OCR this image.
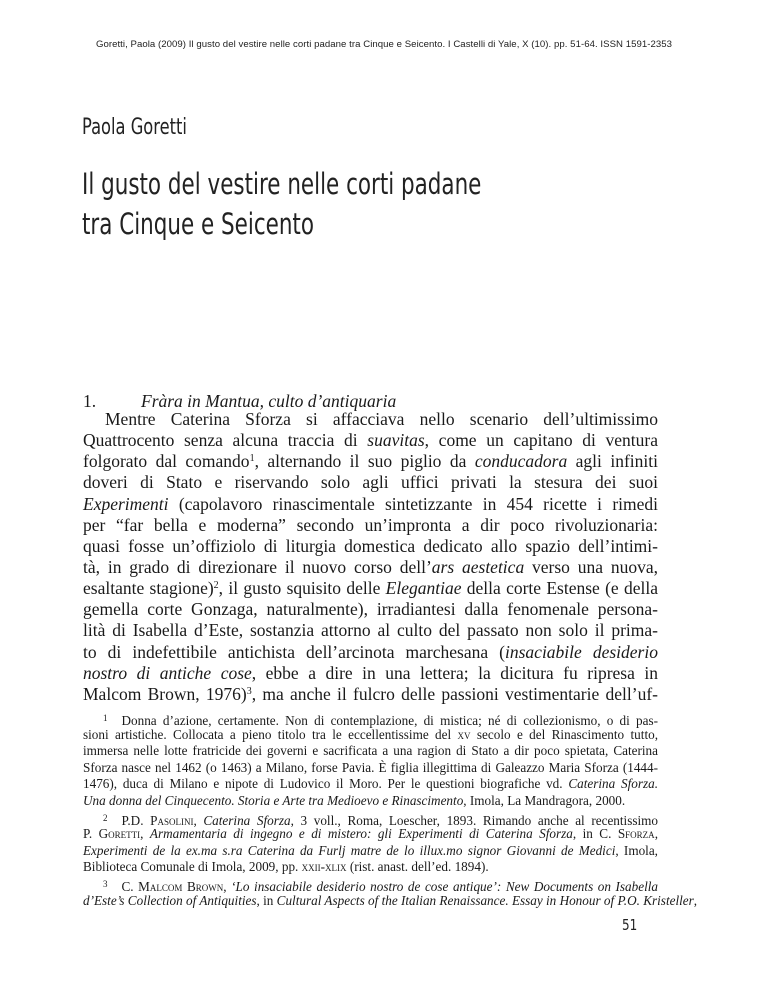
Goretti, Paola (2009) Il gusto del vestire nelle corti padane tra Cinque e Seicento. I Castelli di Yale, X (10). pp. 51-64. ISSN 1591-2353
Paola Goretti
Il gusto del vestire nelle corti padane
tra Cinque e Seicento
1.	Fràra in Mantua, culto d’antiquaria
Mentre Caterina Sforza si affacciava nello scenario dell’ultimissimo
Quattrocento senza alcuna traccia di suavitas, come un capitano di ventura
folgorato dal comando$^1$, alternando il suo piglio da conducadora agli infiniti
doveri di Stato e riservando solo agli uffici privati la stesura dei suoi
Experimenti (capolavoro rinascimentale sintetizzante in 454 ricette i rimedi
per “far bella e moderna” secondo un’impronta a dir poco rivoluzionaria:
quasi fosse un’offiziolo di liturgia domestica dedicato allo spazio dell’intimi-
tà, in grado di direzionare il nuovo corso dell’ars aestetica verso una nuova,
esaltante stagione)$^2$, il gusto squisito delle Elegantiae della corte Estense (e della
gemella corte Gonzaga, naturalmente), irradiantesi dalla fenomenale persona-
lità di Isabella d’Este, sostanzia attorno al culto del passato non solo il prima-
to di indefettibile antichista dell’arcinota marchesana (insaciabile desiderio
nostro di antiche cose, ebbe a dire in una lettera; la dicitura fu ripresa in
Malcom Brown, 1976)$^3$, ma anche il fulcro delle passioni vestimentarie dell’uf-
$^1$ Donna d’azione, certamente. Non di contemplazione, di mistica; né di collezionismo, o di pas-
sioni artistiche. Collocata a pieno titolo tra le eccellentissime del xv secolo e del Rinascimento tutto,
immersa nelle lotte fratricide dei governi e sacrificata a una ragion di Stato a dir poco spietata, Caterina
Sforza nasce nel 1462 (o 1463) a Milano, forse Pavia. È figlia illegittima di Galeazzo Maria Sforza (1444-
1476), duca di Milano e nipote di Ludovico il Moro. Per le questioni biografiche vd. Caterina Sforza.
Una donna del Cinquecento. Storia e Arte tra Medioevo e Rinascimento, Imola, La Mandragora, 2000.
$^2$ P.D. Pasolini, Caterina Sforza, 3 voll., Roma, Loescher, 1893. Rimando anche al recentissimo
P. Goretti, Armamentaria di ingegno e di mistero: gli Experimenti di Caterina Sforza, in C. Sforza,
Experimenti de la ex.ma s.ra Caterina da Furlj matre de lo illux.mo signor Giovanni de Medici, Imola,
Biblioteca Comunale di Imola, 2009, pp. xxii-xlix (rist. anast. dell’ed. 1894).
$^3$ C. Malcom Brown, ‘Lo insaciabile desiderio nostro de cose antique’: New Documents on Isabella
d’Este’s Collection of Antiquities, in Cultural Aspects of the Italian Renaissance. Essay in Honour of P.O. Kristeller,
51
